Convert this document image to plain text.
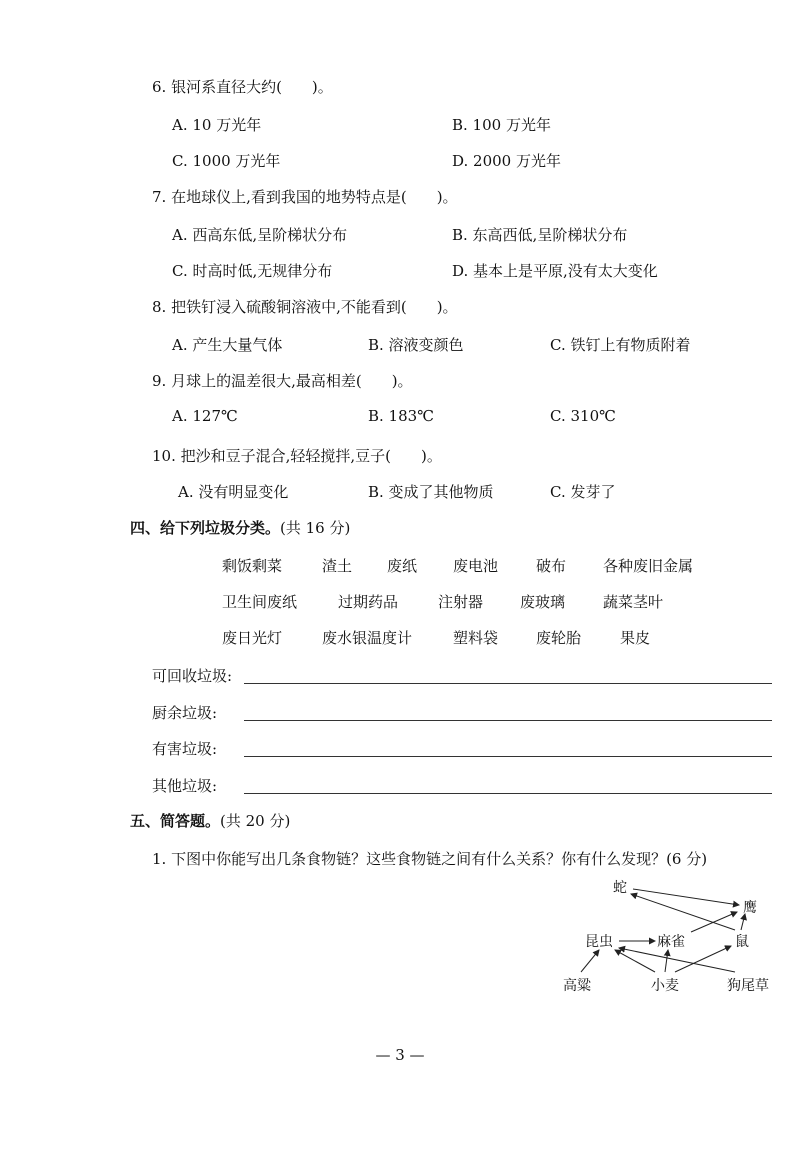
6. 银河系直径大约(　　)。
A. 10 万光年	B. 100 万光年
C. 1000 万光年	D. 2000 万光年
7. 在地球仪上,看到我国的地势特点是(　　)。
A. 西高东低,呈阶梯状分布	B. 东高西低,呈阶梯状分布
C. 时高时低,无规律分布	D. 基本上是平原,没有太大变化
8. 把铁钉浸入硫酸铜溶液中,不能看到(　　)。
A. 产生大量气体	B. 溶液变颜色	C. 铁钉上有物质附着
9. 月球上的温差很大,最高相差(　　)。
A. 127℃	B. 183℃	C. 310℃
10. 把沙和豆子混合,轻轻搅拌,豆子(　　)。
A. 没有明显变化	B. 变成了其他物质	C. 发芽了
四、给下列垃圾分类。(共 16 分)
剩饭剩菜	渣土 废纸 废电池	破布 各种废旧金属
卫生间废纸	过期药品	注射器 废玻璃	蔬菜茎叶
废日光灯	废水银温度计	塑料袋	废轮胎	果皮
可回收垃圾:
厨余垃圾:
有害垃圾:
其他垃圾:
五、简答题。(共 20 分)
1. 下图中你能写出几条食物链？这些食物链之间有什么关系？你有什么发现？(6 分)
蛇
鹰
昆虫	麻雀	鼠
高粱	小麦	狗尾草
— 3 —
